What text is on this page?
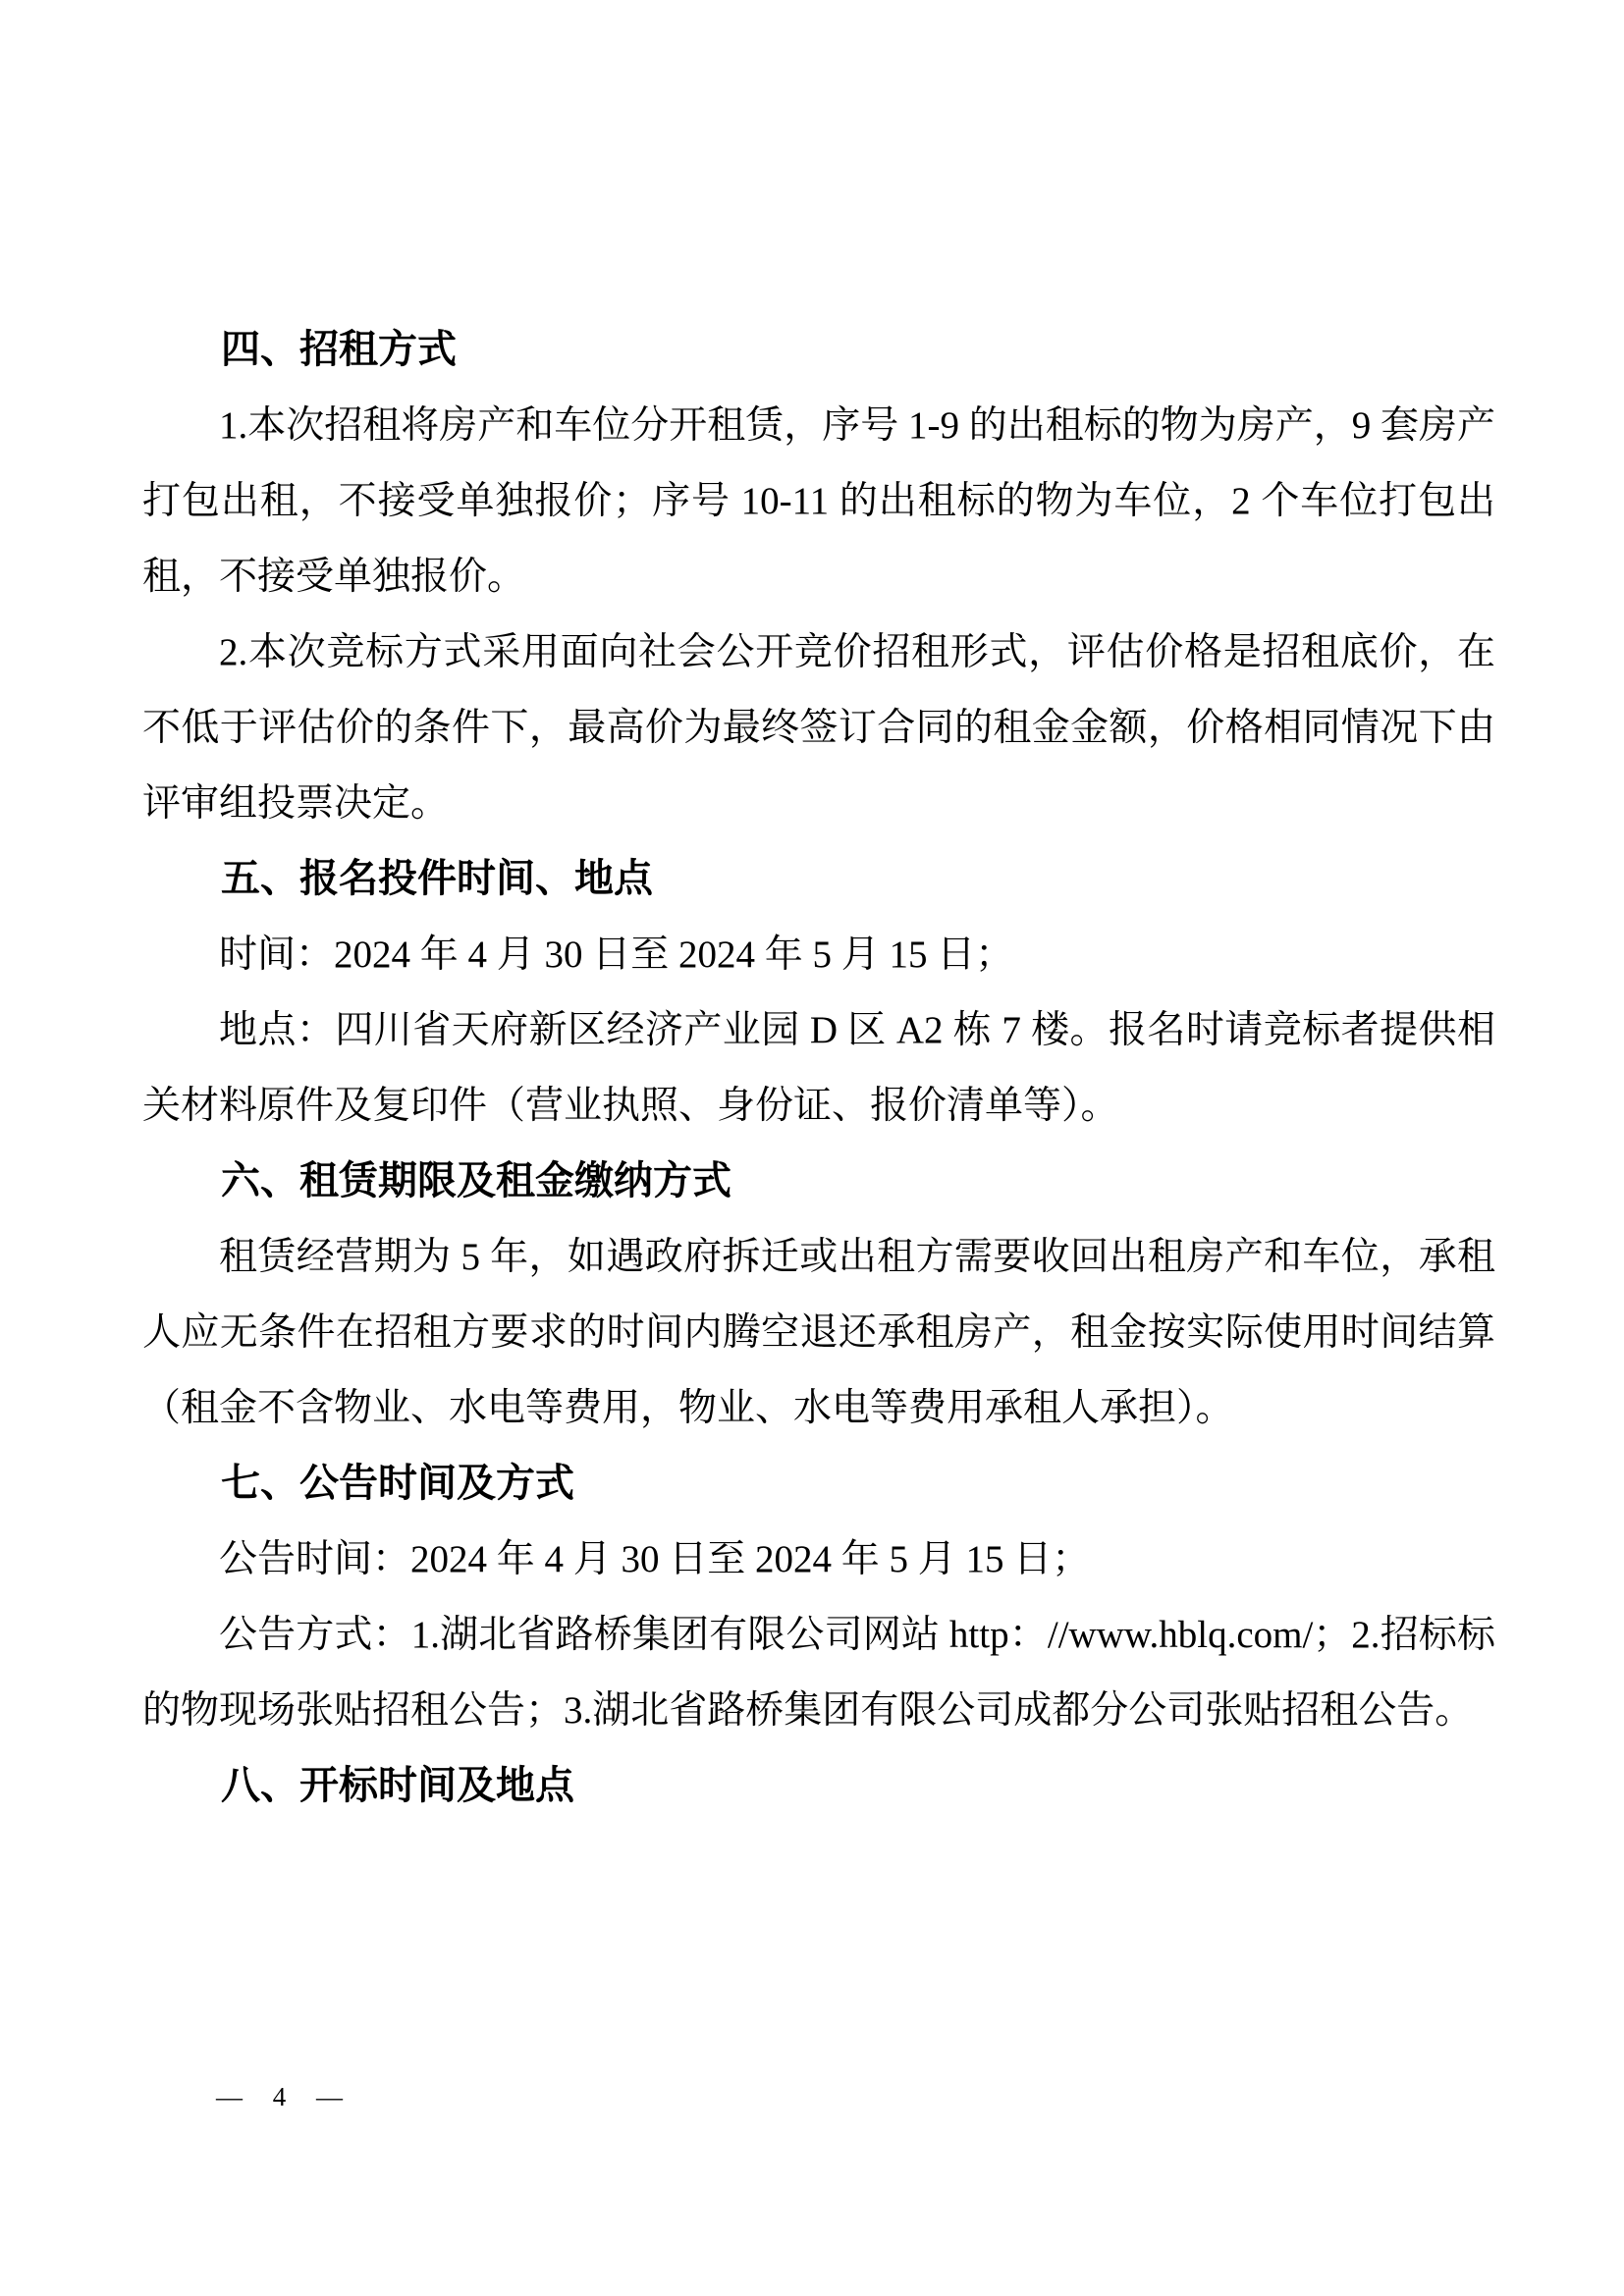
四、招租方式
1.本次招租将房产和车位分开租赁，序号 1-9 的出租标的物为房产，9 套房产打包出租，不接受单独报价；序号 10-11 的出租标的物为车位，2 个车位打包出租，不接受单独报价。
2.本次竞标方式采用面向社会公开竞价招租形式，评估价格是招租底价，在不低于评估价的条件下，最高价为最终签订合同的租金金额，价格相同情况下由评审组投票决定。
五、报名投件时间、地点
时间：2024 年 4 月 30 日至 2024 年 5 月 15 日；
地点：四川省天府新区经济产业园 D 区 A2 栋 7 楼。报名时请竞标者提供相关材料原件及复印件（营业执照、身份证、报价清单等）。
六、租赁期限及租金缴纳方式
租赁经营期为 5 年，如遇政府拆迁或出租方需要收回出租房产和车位，承租人应无条件在招租方要求的时间内腾空退还承租房产，租金按实际使用时间结算（租金不含物业、水电等费用，物业、水电等费用承租人承担）。
七、公告时间及方式
公告时间：2024 年 4 月 30 日至 2024 年 5 月 15 日；
公告方式：1.湖北省路桥集团有限公司网站 http：//www.hblq.com/；2.招标标的物现场张贴招租公告；3.湖北省路桥集团有限公司成都分公司张贴招租公告。
八、开标时间及地点
— 4 —
